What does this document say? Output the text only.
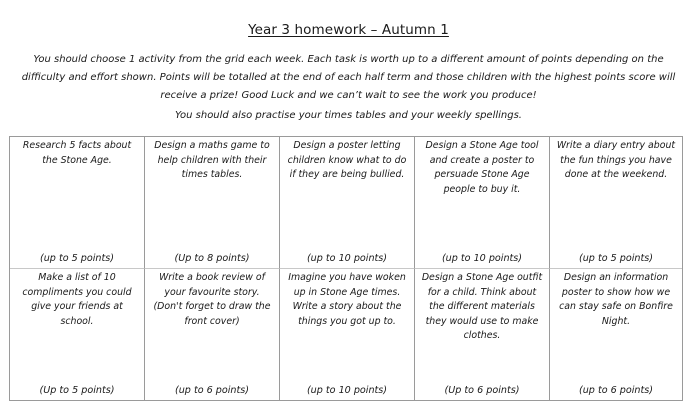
Year 3 homework – Autumn 1
You should choose 1 activity from the grid each week. Each task is worth up to a different amount of points depending on the difficulty and effort shown. Points will be totalled at the end of each half term and those children with the highest points score will receive a prize! Good Luck and we can’t wait to see the work you produce!
You should also practise your times tables and your weekly spellings.
Research 5 facts about the Stone Age.
(up to 5 points)
Design a maths game to help children with their times tables.
(Up to 8 points)
Design a poster letting children know what to do if they are being bullied.
(up to 10 points)
Design a Stone Age tool and create a poster to persuade Stone Age people to buy it.
(up to 10 points)
Write a diary entry about the fun things you have done at the weekend.
(up to 5 points)
Make a list of 10 compliments you could give your friends at school.
(Up to 5 points)
Write a book review of your favourite story. (Don't forget to draw the front cover)
(up to 6 points)
Imagine you have woken up in Stone Age times. Write a story about the things you got up to.
(up to 10 points)
Design a Stone Age outfit for a child. Think about the different materials they would use to make clothes.
(Up to 6 points)
Design an information poster to show how we can stay safe on Bonfire Night.
(up to 6 points)
